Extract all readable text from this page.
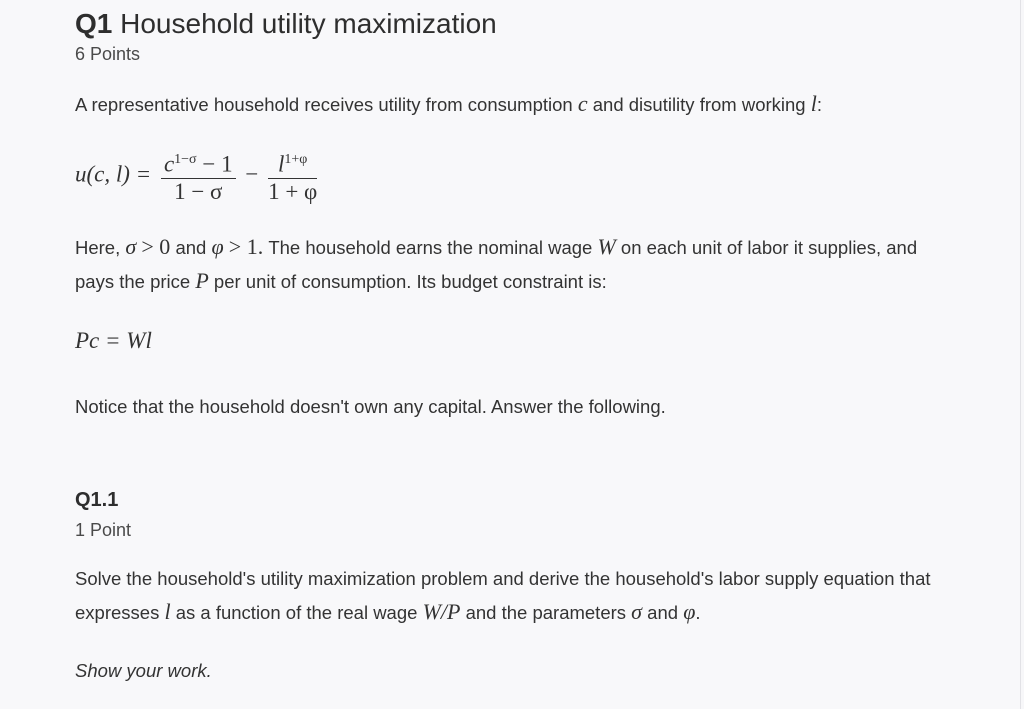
Q1 Household utility maximization
6 Points
A representative household receives utility from consumption c and disutility from working l:
u(c, $l) = \frac{c^{1-\sigma} - 1}{1 - \sigma} - \frac{l^{1+\varphi}}{1 + \varphi}$
Here, σ > 0 and φ > 1. The household earns the nominal wage W on each unit of labor it supplies, and pays the price P per unit of consumption. Its budget constraint is:
Pc = Wl
Notice that the household doesn't own any capital. Answer the following.
Q1.1
1 Point
Solve the household's utility maximization problem and derive the household's labor supply equation that expresses l as a function of the real wage W/P and the parameters σ and φ.
Show your work.
